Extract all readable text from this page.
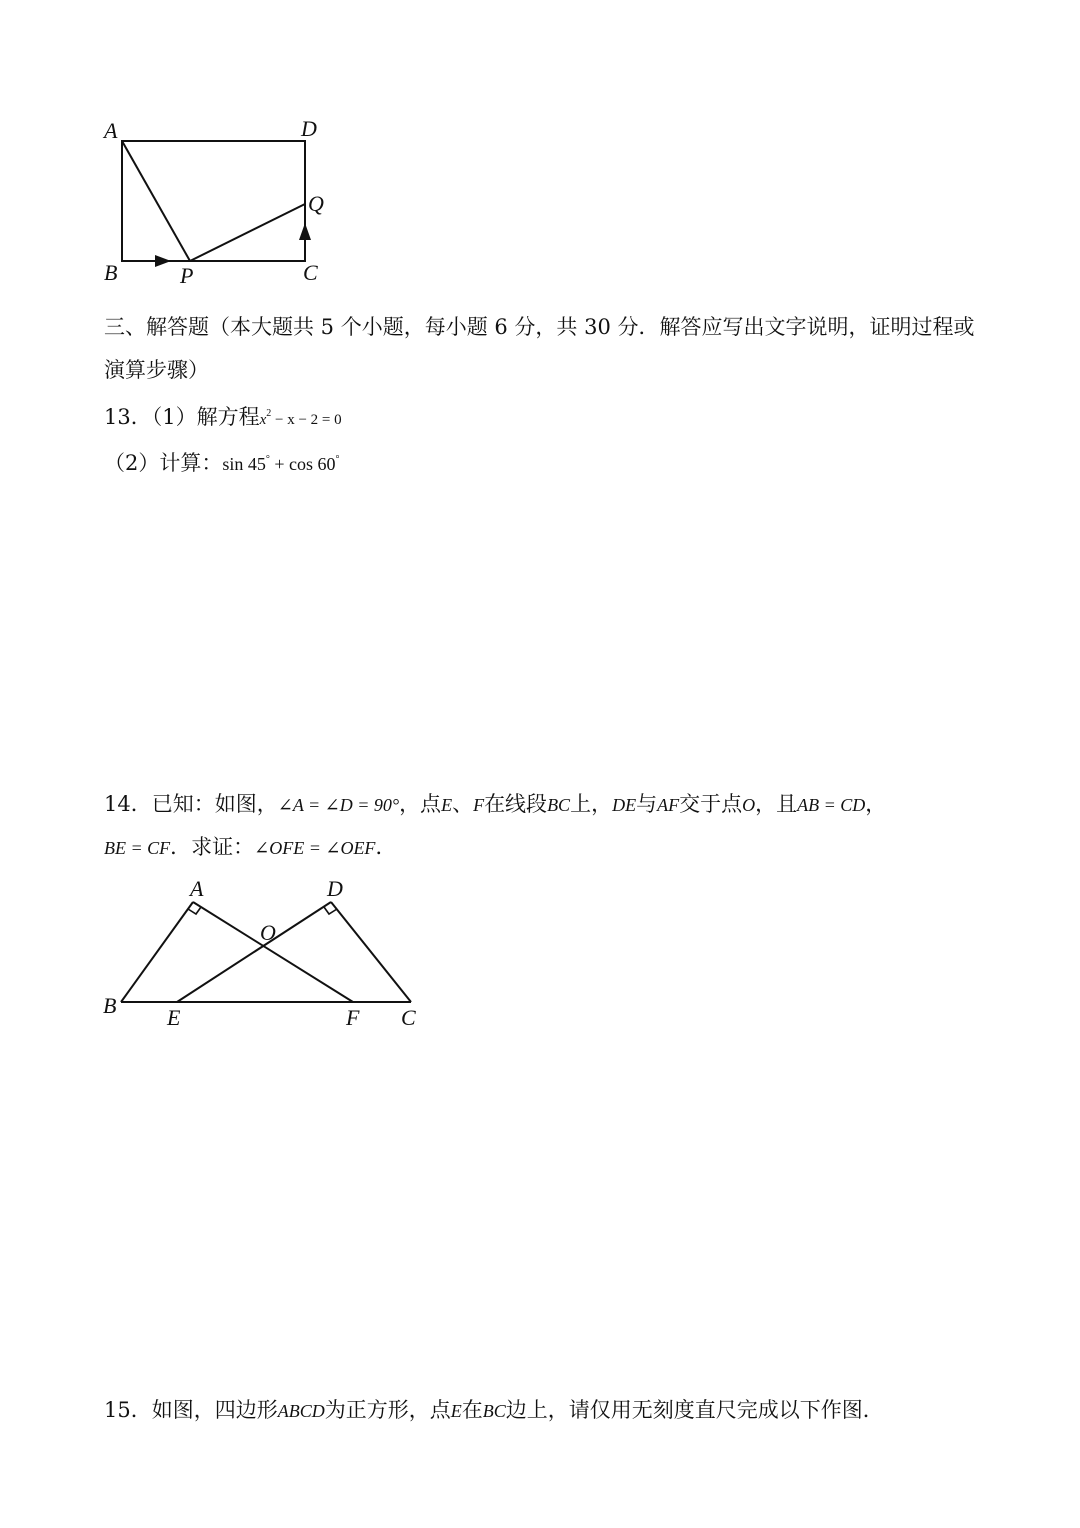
A	D
Q
B	P	C
三、解答题（本大题共 5 个小题，每小题 6 分，共 30 分．解答应写出文字说明，证明过程或
演算步骤）
13．（1）解方程$x^2 - x - 2 = 0$
（2）计算：sin 45° + cos 60°
14．已知：如图，∠A = ∠D = 90°，点E、F在线段BC上，DE与AF交于点O，且AB = CD，
BE = CF．求证：∠OFE = ∠OEF．
A	D
O
B E	F C
15．如图，四边形ABCD为正方形，点E在BC边上，请仅用无刻度直尺完成以下作图．
